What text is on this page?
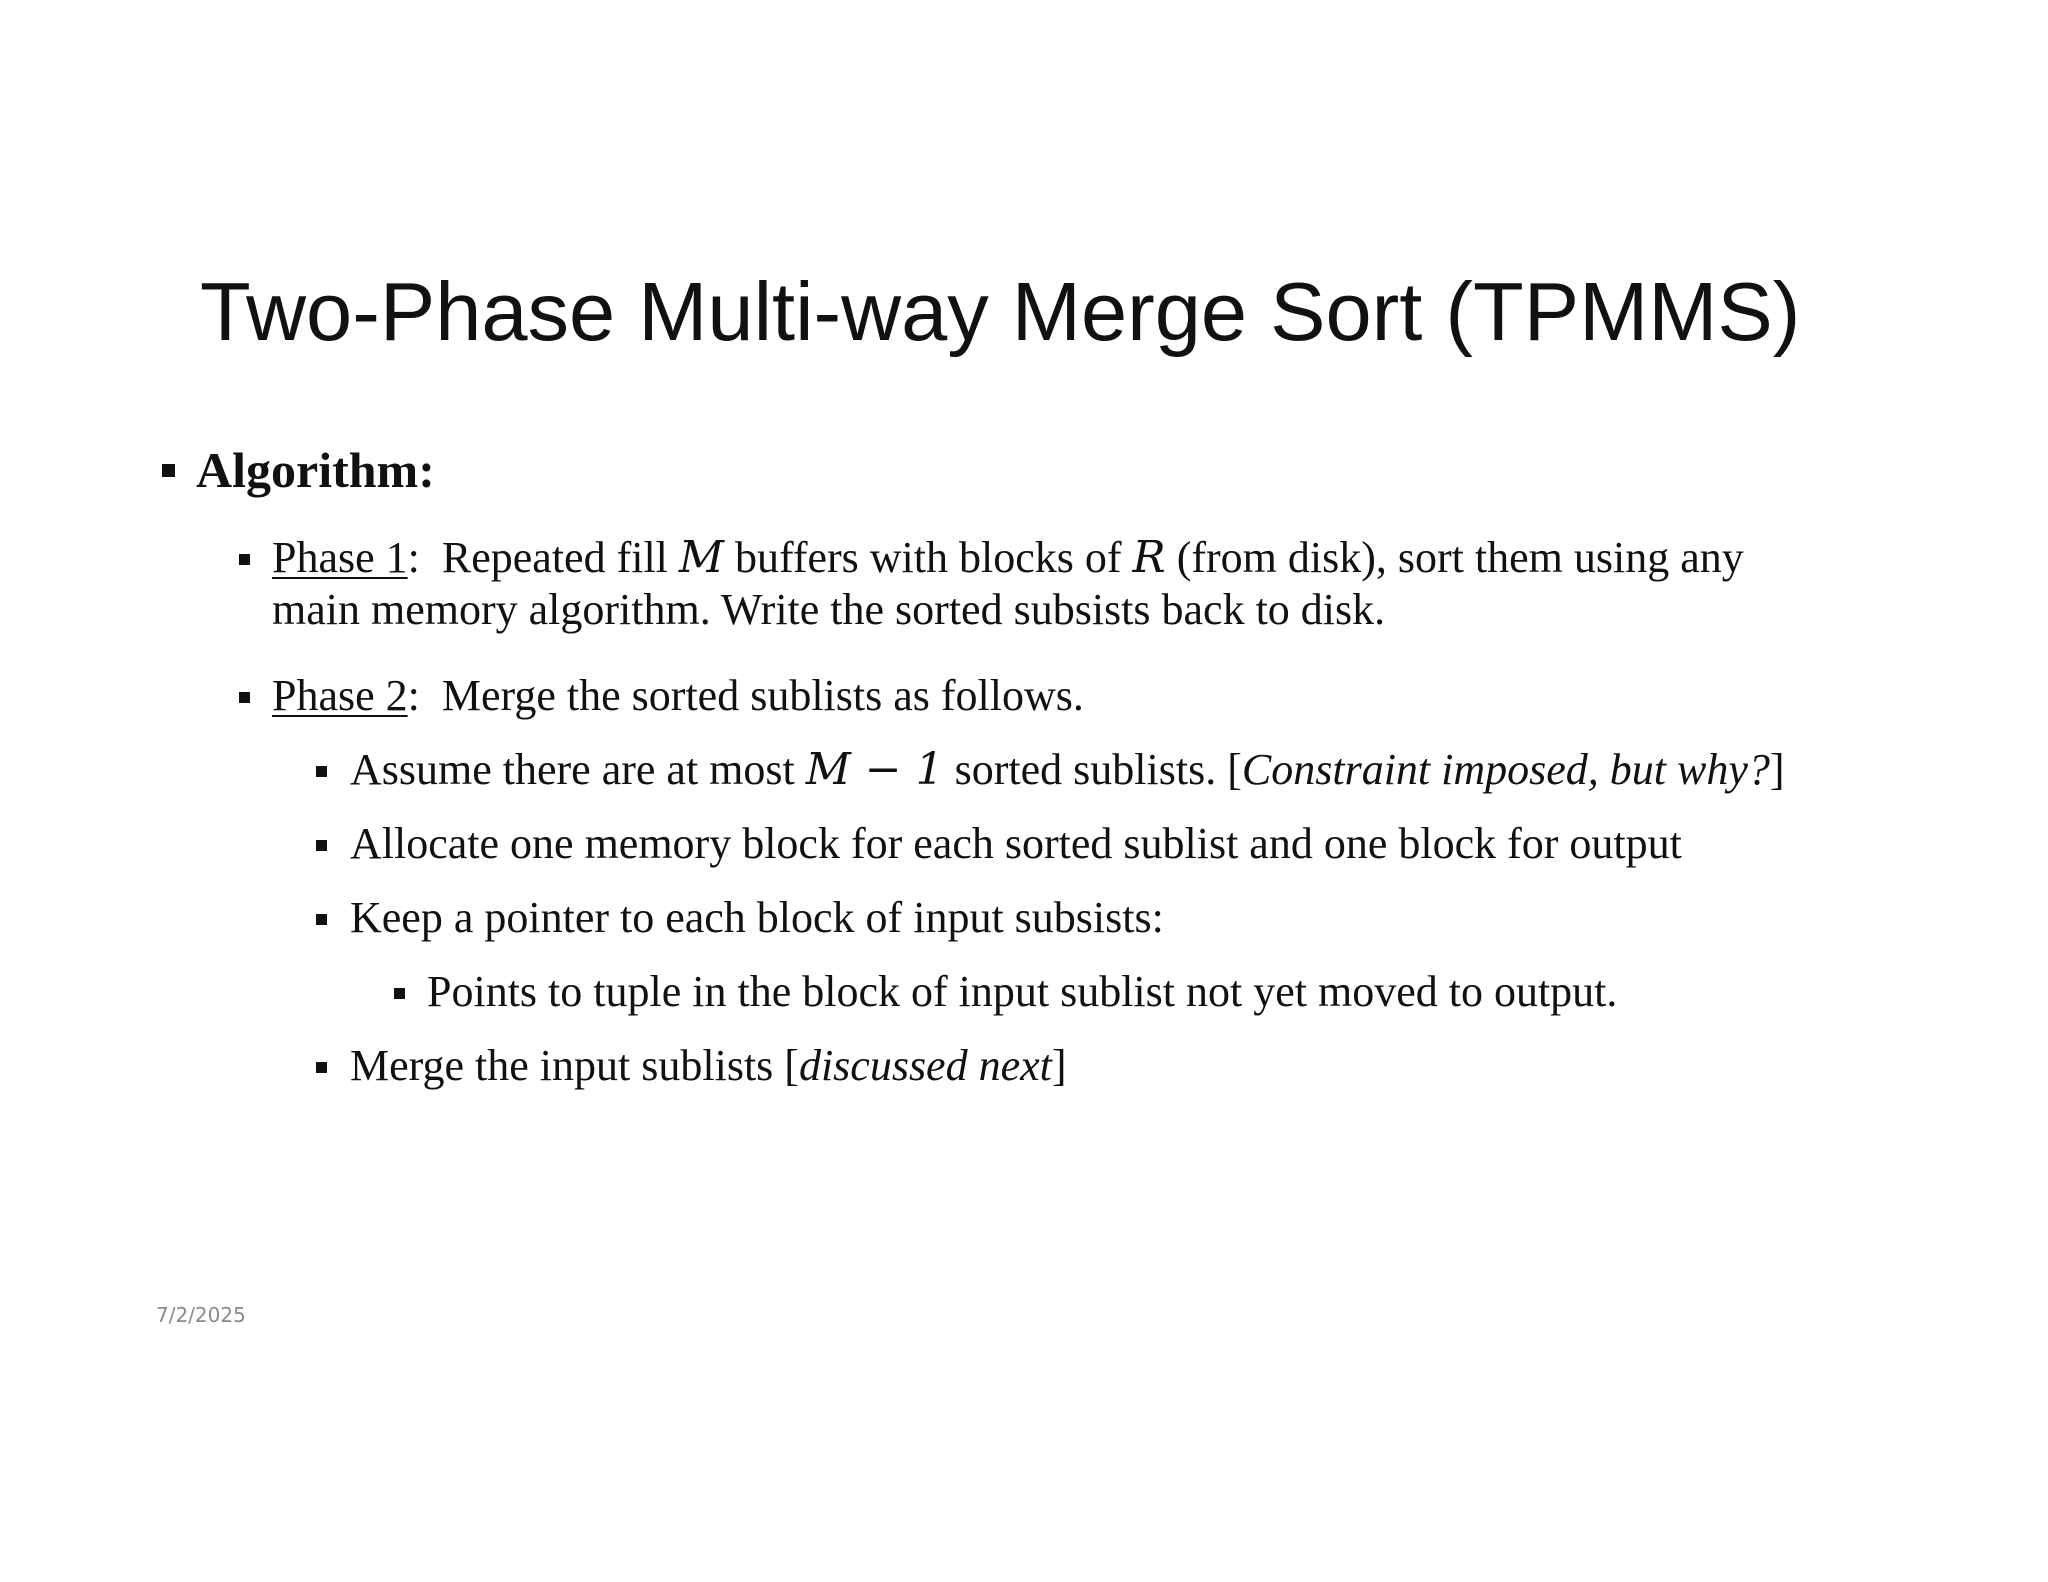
Two-Phase Multi-way Merge Sort (TPMMS)
Algorithm:
Phase 1: Repeated fill M buffers with blocks of R (from disk), sort them using any
main memory algorithm. Write the sorted subsists back to disk.
Phase 2: Merge the sorted sublists as follows.
Assume there are at most M − 1 sorted sublists. [Constraint imposed, but why?]
Allocate one memory block for each sorted sublist and one block for output
Keep a pointer to each block of input subsists:
Points to tuple in the block of input sublist not yet moved to output.
Merge the input sublists [discussed next]
7/2/2025
